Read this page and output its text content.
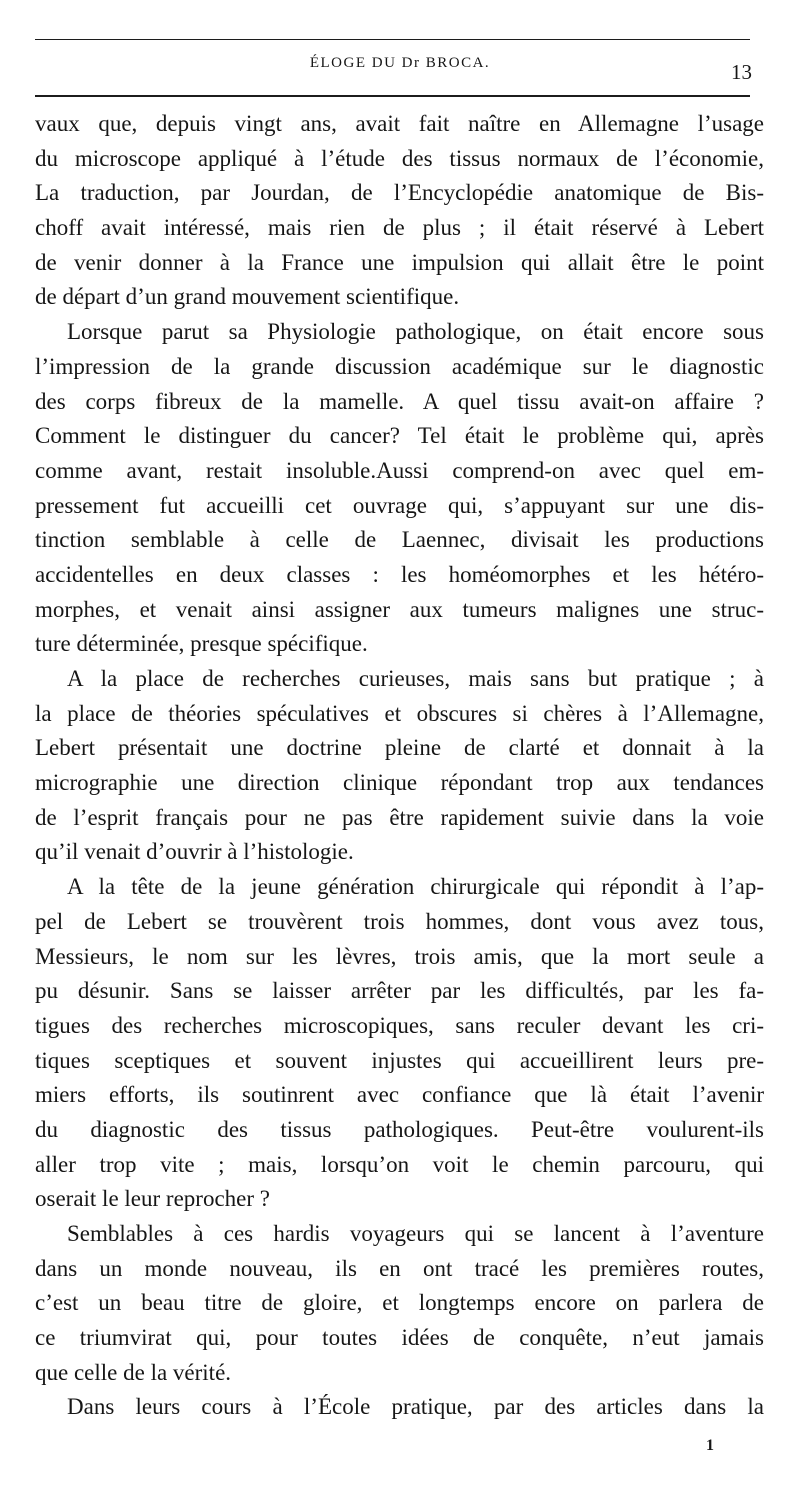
ÉLOGE DU Dr BROCA.	13
vaux que, depuis vingt ans, avait fait naître en Allemagne l’usage
du microscope appliqué à l’étude des tissus normaux de l’économie,
La traduction, par Jourdan, de l’Encyclopédie anatomique de Bis-
choff avait intéressé, mais rien de plus ; il était réservé à Lebert
de venir donner à la France une impulsion qui allait être le point
de départ d’un grand mouvement scientifique.
Lorsque parut sa Physiologie pathologique, on était encore sous
l’impression de la grande discussion académique sur le diagnostic
des corps fibreux de la mamelle. A quel tissu avait-on affaire ?
Comment le distinguer du cancer? Tel était le problème qui, après
comme avant, restait insoluble.Aussi comprend-on avec quel em-
pressement fut accueilli cet ouvrage qui, s’appuyant sur une dis-
tinction semblable à celle de Laennec, divisait les productions
accidentelles en deux classes : les homéomorphes et les hétéro-
morphes, et venait ainsi assigner aux tumeurs malignes une struc-
ture déterminée, presque spécifique.
A la place de recherches curieuses, mais sans but pratique ; à
la place de théories spéculatives et obscures si chères à l’Allemagne,
Lebert présentait une doctrine pleine de clarté et donnait à la
micrographie une direction clinique répondant trop aux tendances
de l’esprit français pour ne pas être rapidement suivie dans la voie
qu’il venait d’ouvrir à l’histologie.
A la tête de la jeune génération chirurgicale qui répondit à l’ap-
pel de Lebert se trouvèrent trois hommes, dont vous avez tous,
Messieurs, le nom sur les lèvres, trois amis, que la mort seule a
pu désunir. Sans se laisser arrêter par les difficultés, par les fa-
tigues des recherches microscopiques, sans reculer devant les cri-
tiques sceptiques et souvent injustes qui accueillirent leurs pre-
miers efforts, ils soutinrent avec confiance que là était l’avenir
du diagnostic des tissus pathologiques. Peut-être voulurent-ils
aller trop vite ; mais, lorsqu’on voit le chemin parcouru, qui
oserait le leur reprocher ?
Semblables à ces hardis voyageurs qui se lancent à l’aventure
dans un monde nouveau, ils en ont tracé les premières routes,
c’est un beau titre de gloire, et longtemps encore on parlera de
ce triumvirat qui, pour toutes idées de conquête, n’eut jamais
que celle de la vérité.
Dans leurs cours à l’École pratique, par des articles dans la
1
